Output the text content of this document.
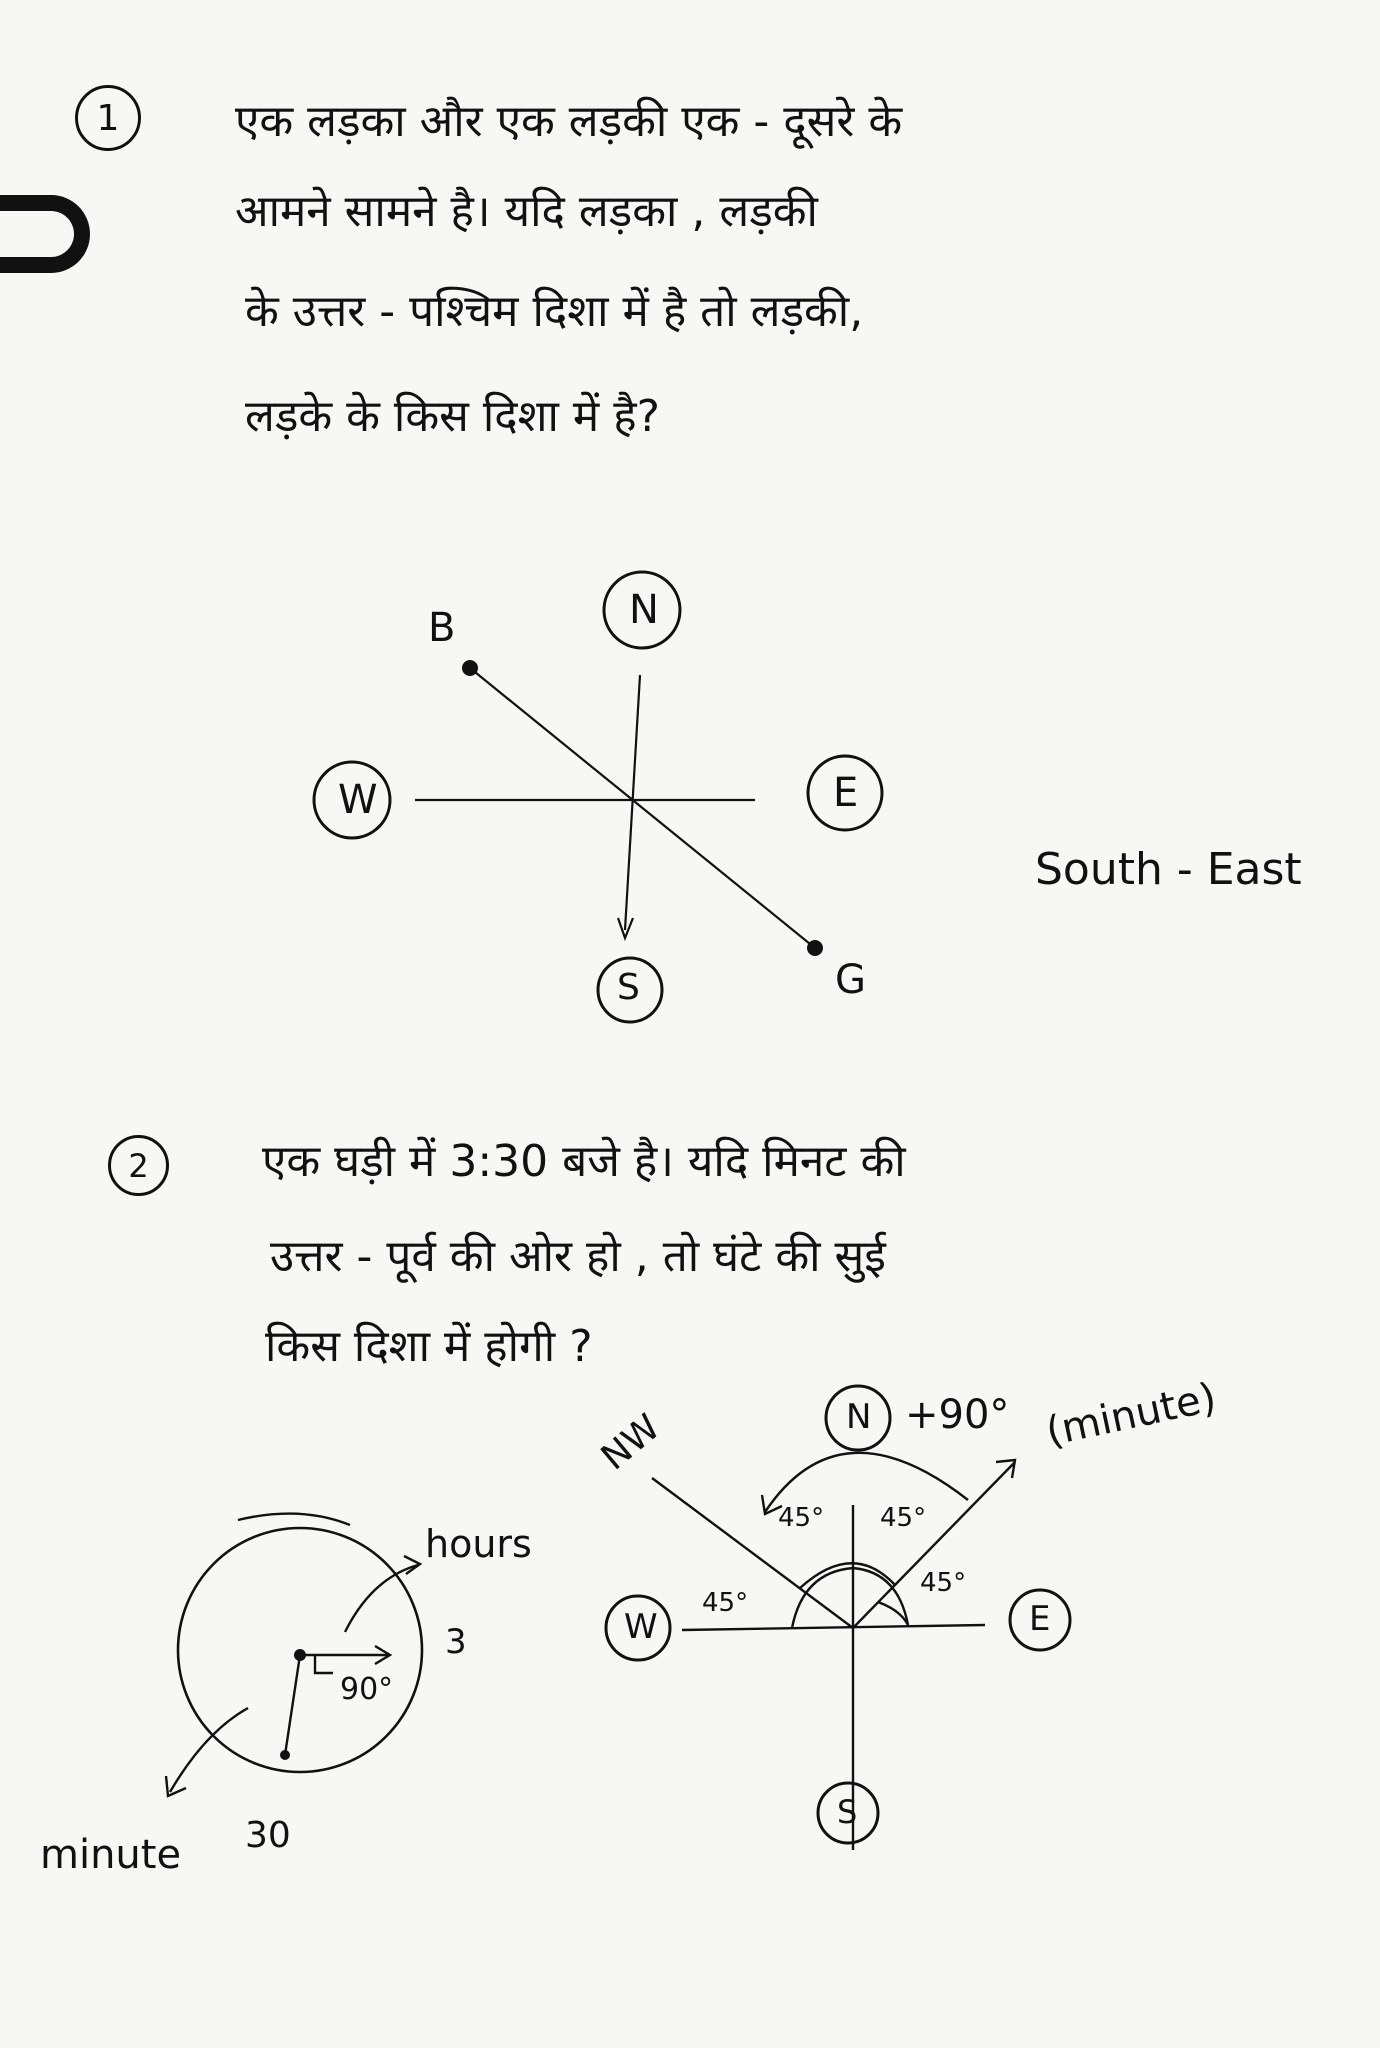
1	एक लड़का और एक लड़की एक - दूसरे के
आमने सामने है। यदि लड़का , लड़की
के उत्तर - पश्चिम दिशा में है तो लड़की,
लड़के के किस दिशा में है?
N
W	E
S
B
G
South - East
2	एक घड़ी में 3:30 बजे है। यदि मिनट की
उत्तर - पूर्व की ओर हो , तो घंटे की सुई
किस दिशा में होगी ?
hours
3
90°
30
minute
N
W	E
S
NW	+90° (minute)
45° 45°
45°
45°
